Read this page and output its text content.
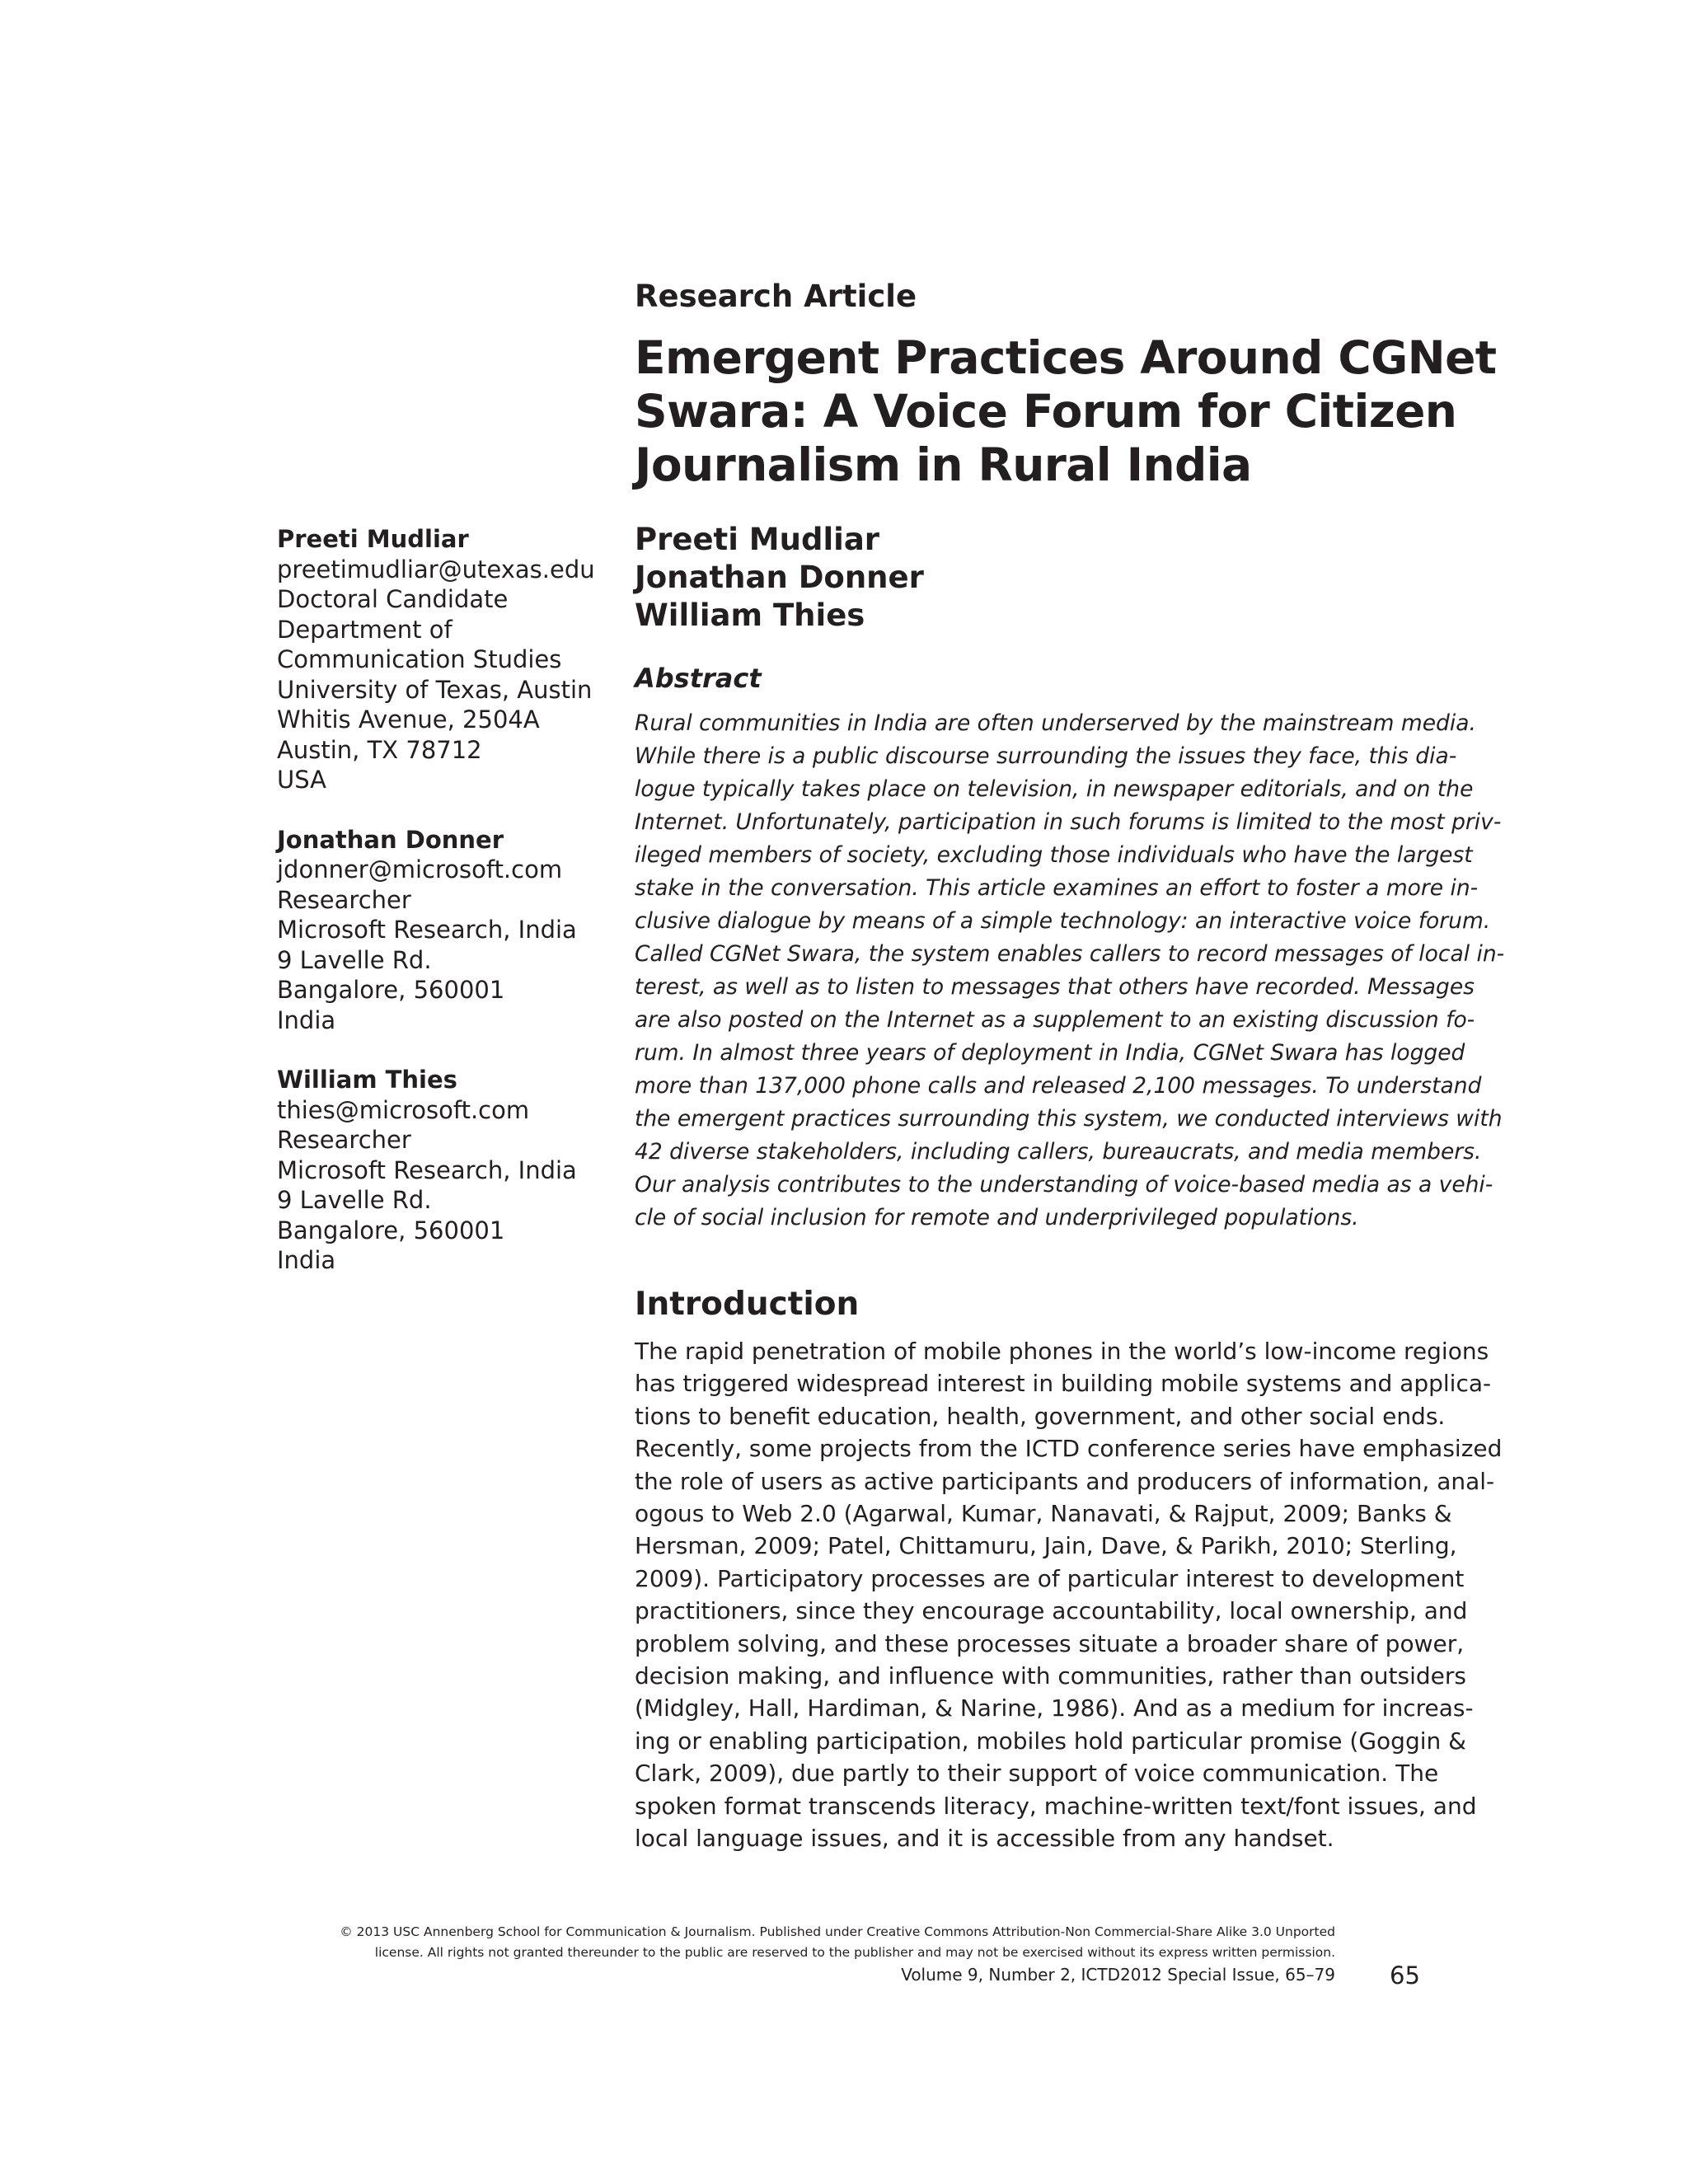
Preeti Mudliar
preetimudliar@utexas.edu
Doctoral Candidate
Department of
Communication Studies
University of Texas, Austin
Whitis Avenue, 2504A
Austin, TX 78712
USA
Jonathan Donner
jdonner@microsoft.com
Researcher
Microsoft Research, India
9 Lavelle Rd.
Bangalore, 560001
India
William Thies
thies@microsoft.com
Researcher
Microsoft Research, India
9 Lavelle Rd.
Bangalore, 560001
India
Research Article
Emergent Practices Around CGNet
Swara: A Voice Forum for Citizen
Journalism in Rural India
Preeti Mudliar
Jonathan Donner
William Thies
Abstract
Rural communities in India are often underserved by the mainstream media.
While there is a public discourse surrounding the issues they face, this dia-
logue typically takes place on television, in newspaper editorials, and on the
Internet. Unfortunately, participation in such forums is limited to the most priv-
ileged members of society, excluding those individuals who have the largest
stake in the conversation. This article examines an effort to foster a more in-
clusive dialogue by means of a simple technology: an interactive voice forum.
Called CGNet Swara, the system enables callers to record messages of local in-
terest, as well as to listen to messages that others have recorded. Messages
are also posted on the Internet as a supplement to an existing discussion fo-
rum. In almost three years of deployment in India, CGNet Swara has logged
more than 137,000 phone calls and released 2,100 messages. To understand
the emergent practices surrounding this system, we conducted interviews with
42 diverse stakeholders, including callers, bureaucrats, and media members.
Our analysis contributes to the understanding of voice-based media as a vehi-
cle of social inclusion for remote and underprivileged populations.
Introduction
The rapid penetration of mobile phones in the world’s low-income regions
has triggered widespread interest in building mobile systems and applica-
tions to benefit education, health, government, and other social ends.
Recently, some projects from the ICTD conference series have emphasized
the role of users as active participants and producers of information, anal-
ogous to Web 2.0 (Agarwal, Kumar, Nanavati, & Rajput, 2009; Banks &
Hersman, 2009; Patel, Chittamuru, Jain, Dave, & Parikh, 2010; Sterling,
2009). Participatory processes are of particular interest to development
practitioners, since they encourage accountability, local ownership, and
problem solving, and these processes situate a broader share of power,
decision making, and influence with communities, rather than outsiders
(Midgley, Hall, Hardiman, & Narine, 1986). And as a medium for increas-
ing or enabling participation, mobiles hold particular promise (Goggin &
Clark, 2009), due partly to their support of voice communication. The
spoken format transcends literacy, machine-written text/font issues, and
local language issues, and it is accessible from any handset.
© 2013 USC Annenberg School for Communication & Journalism. Published under Creative Commons Attribution-Non Commercial-Share Alike 3.0 Unported
license. All rights not granted thereunder to the public are reserved to the publisher and may not be exercised without its express written permission.
Volume 9, Number 2, ICTD2012 Special Issue, 65–79 65
